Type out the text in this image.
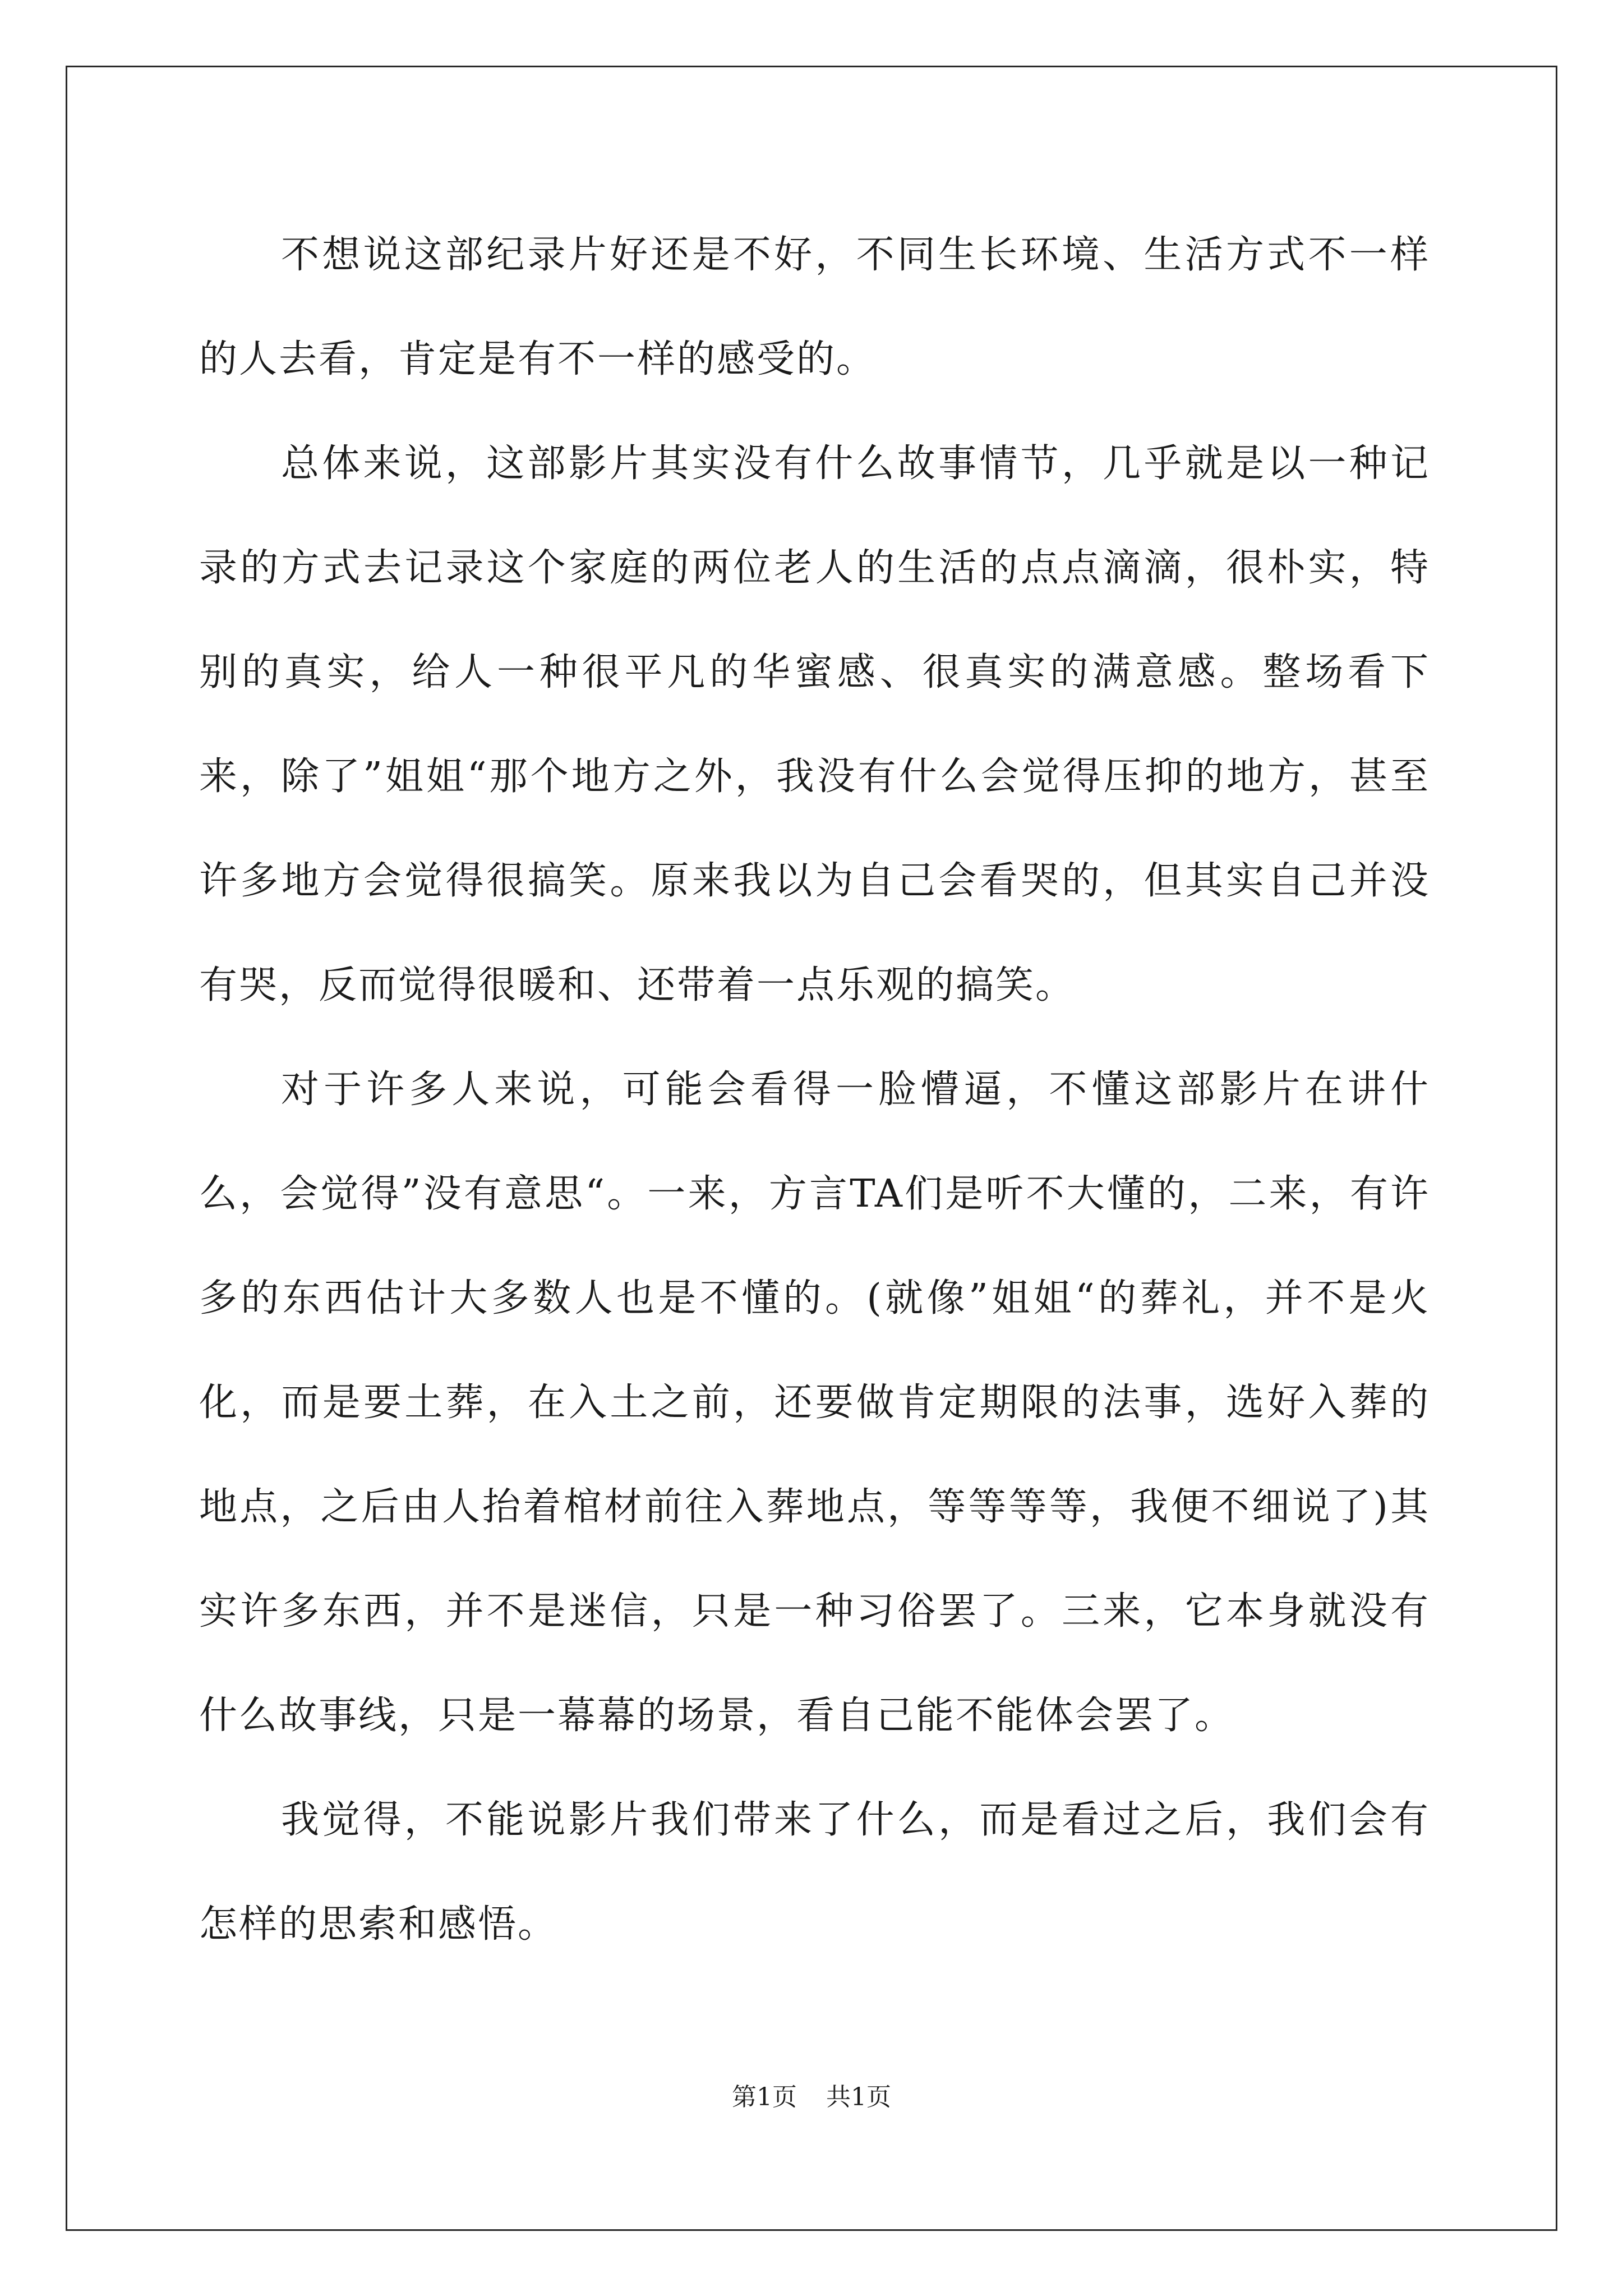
不想说这部纪录片好还是不好，不同生长环境、生活方式不一样的人去看，肯定是有不一样的感受的。

总体来说，这部影片其实没有什么故事情节，几乎就是以一种记录的方式去记录这个家庭的两位老人的生活的点点滴滴，很朴实，特别的真实，给人一种很平凡的华蜜感、很真实的满意感。整场看下来，除了”姐姐“那个地方之外，我没有什么会觉得压抑的地方，甚至许多地方会觉得很搞笑。原来我以为自己会看哭的，但其实自己并没有哭，反而觉得很暖和、还带着一点乐观的搞笑。

对于许多人来说，可能会看得一脸懵逼，不懂这部影片在讲什么，会觉得”没有意思“。一来，方言TA们是听不大懂的，二来，有许多的东西估计大多数人也是不懂的。(就像”姐姐“的葬礼，并不是火化，而是要土葬，在入土之前，还要做肯定期限的法事，选好入葬的地点，之后由人抬着棺材前往入葬地点，等等等等，我便不细说了)其实许多东西，并不是迷信，只是一种习俗罢了。三来，它本身就没有什么故事线，只是一幕幕的场景，看自己能不能体会罢了。

我觉得，不能说影片我们带来了什么，而是看过之后，我们会有怎样的思索和感悟。

第1页 共1页
